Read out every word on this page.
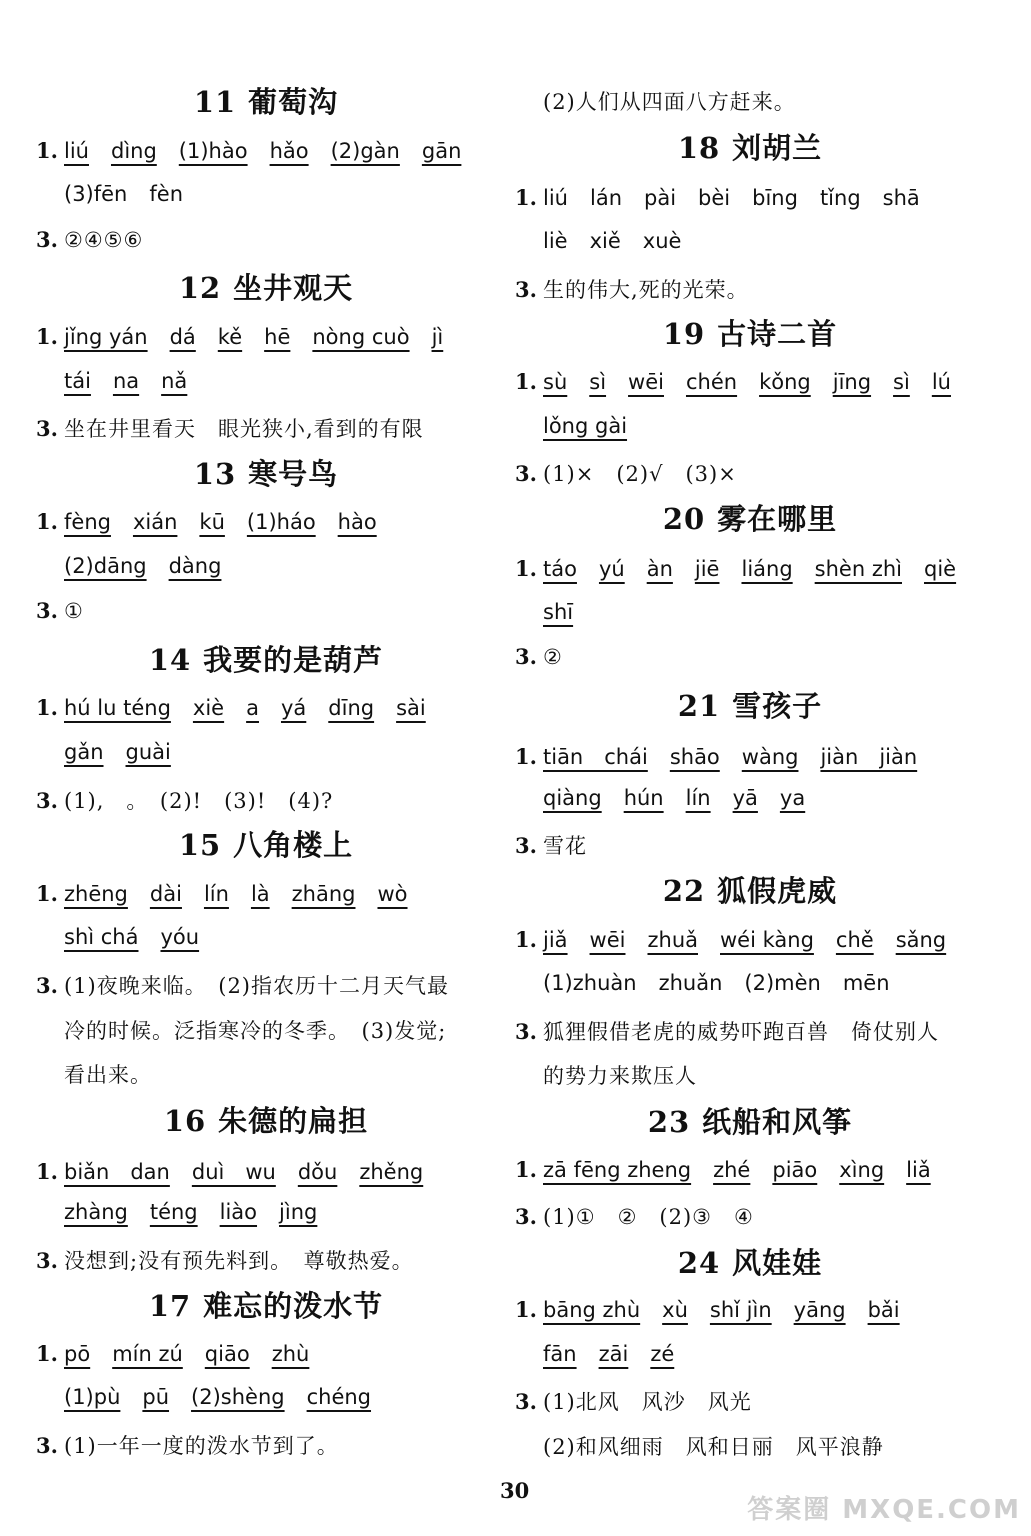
11 葡萄沟
1. liú dìng (1)hào hǎo (2)gàn gān
(3)fēn fèn
3. ②④⑤⑥
12 坐井观天
1. jǐng yán dá kě hē nòng cuò jì
tái na nǎ
3. 坐在井里看天　眼光狭小,看到的有限
13 寒号鸟
1. fèng xián kū (1)háo hào
(2)dāng dàng
3. ①
14 我要的是葫芦
1. hú lu téng xiè a yá dīng sài
gǎn guài
3. (1),　。　(2)!　(3)!　(4)?
15 八角楼上
1. zhēng dài lín là zhāng wò
shì chá yóu
3. (1)夜晚来临。　(2)指农历十二月天气最
冷的时候。泛指寒冷的冬季。　(3)发觉;
看出来。
16 朱德的扁担
1. biǎn　dan duì　wu dǒu zhěng
zhàng téng liào jìng
3. 没想到;没有预先料到。　尊敬热爱。
17 难忘的泼水节
1. pō mín zú qiāo zhù
(1)pù pū (2)shèng chéng
3. (1)一年一度的泼水节到了。
(2)人们从四面八方赶来。
18 刘胡兰
1. liú lán pài bèi bīng tǐng shā
liè xiě xuè
3. 生的伟大,死的光荣。
19 古诗二首
1. sù sì wēi chén kǒng jīng sì lú
lǒng gài
3. (1)×　(2)√　(3)×
20 雾在哪里
1. táo yú àn jiē liáng shèn zhì qiè
shī
3. ②
21 雪孩子
1. tiān　chái shāo wàng jiàn　jiàn
qiàng hún lín yā ya
3. 雪花
22 狐假虎威
1. jiǎ wēi zhuǎ wéi kàng chě sǎng
(1)zhuàn zhuǎn (2)mèn mēn
3. 狐狸假借老虎的威势吓跑百兽　倚仗别人
的势力来欺压人
23 纸船和风筝
1. zā fēng zheng zhé piāo xìng liǎ
3. (1)①　②　(2)③　④
24 风娃娃
1. bāng zhù xù shǐ jìn yāng bǎi
fān zāi zé
3. (1)北风　风沙　风光
(2)和风细雨　风和日丽　风平浪静
30
答案圈 MXQE.COM
